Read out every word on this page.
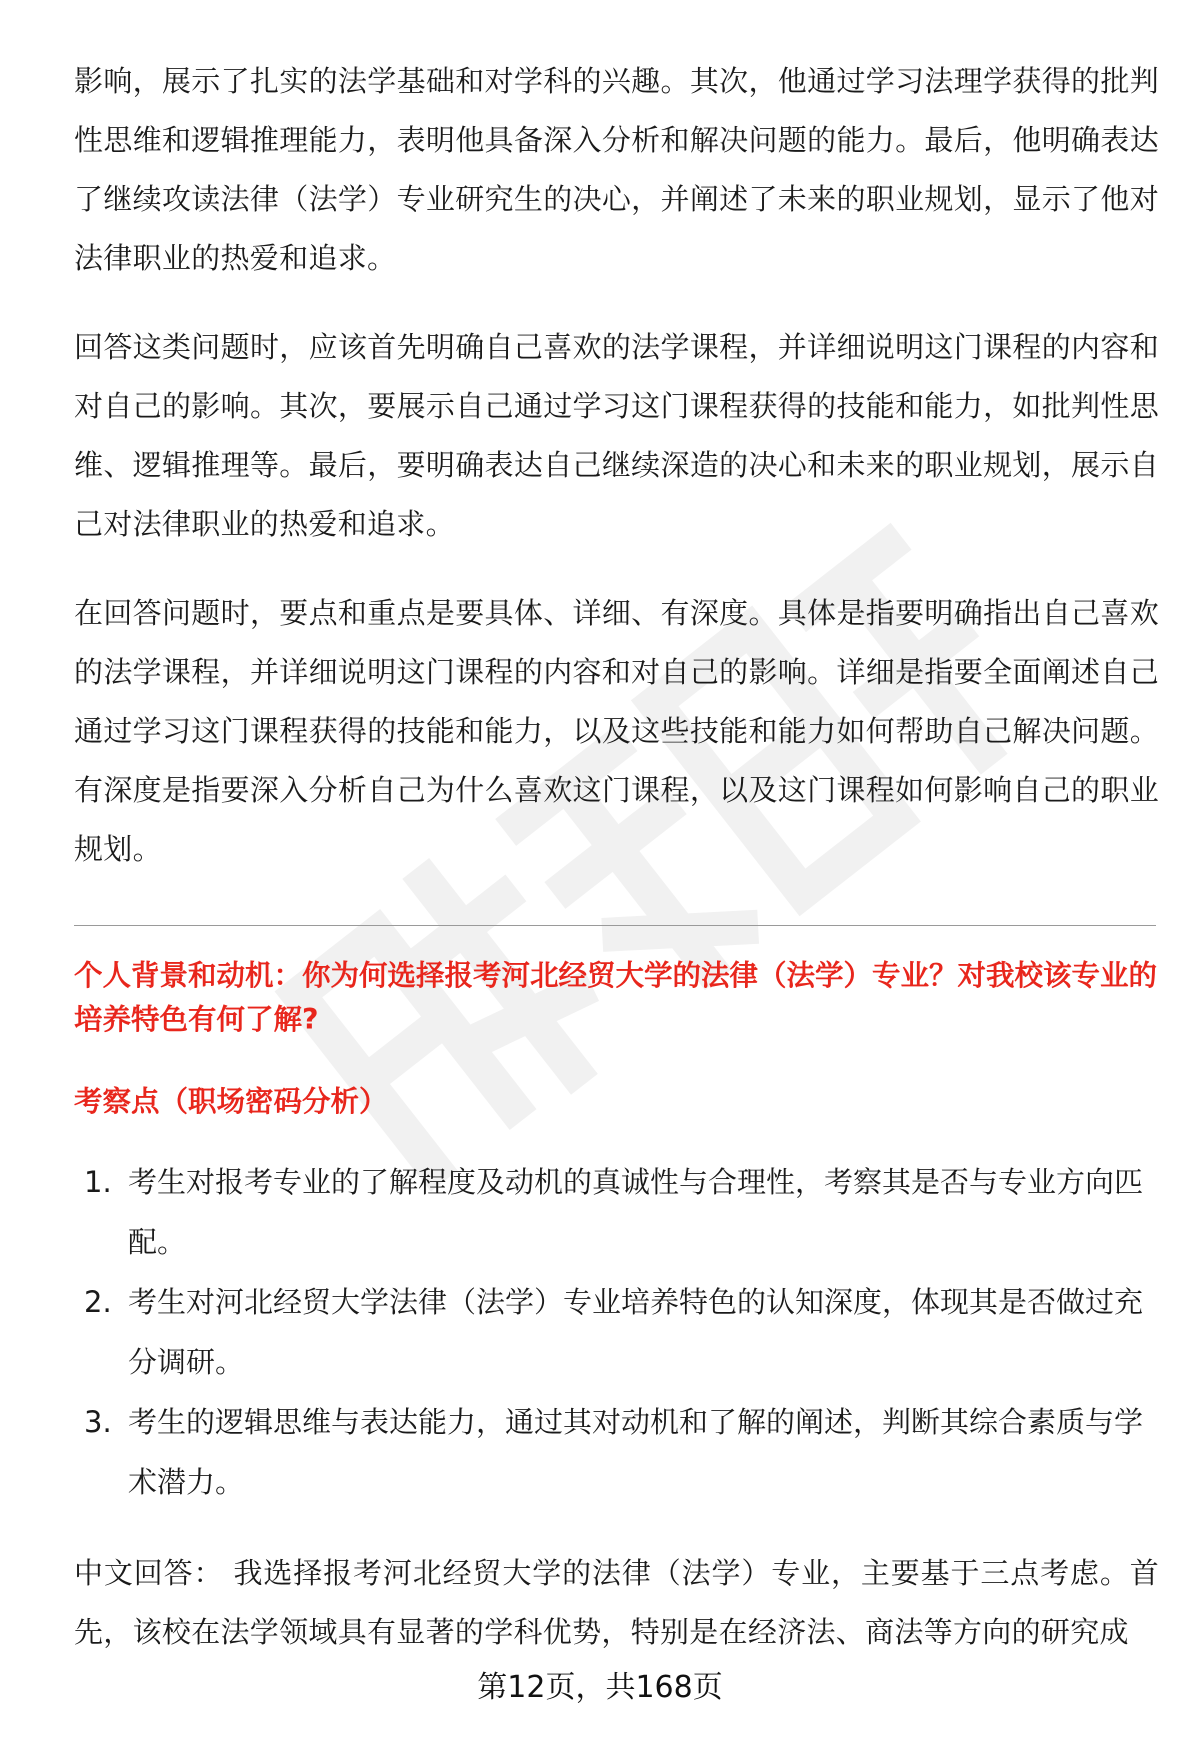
影响，展示了扎实的法学基础和对学科的兴趣。其次，他通过学习法理学获得的批判性思维和逻辑推理能力，表明他具备深入分析和解决问题的能力。最后，他明确表达了继续攻读法律（法学）专业研究生的决心，并阐述了未来的职业规划，显示了他对法律职业的热爱和追求。

回答这类问题时，应该首先明确自己喜欢的法学课程，并详细说明这门课程的内容和对自己的影响。其次，要展示自己通过学习这门课程获得的技能和能力，如批判性思维、逻辑推理等。最后，要明确表达自己继续深造的决心和未来的职业规划，展示自己对法律职业的热爱和追求。

在回答问题时，要点和重点是要具体、详细、有深度。具体是指要明确指出自己喜欢的法学课程，并详细说明这门课程的内容和对自己的影响。详细是指要全面阐述自己通过学习这门课程获得的技能和能力，以及这些技能和能力如何帮助自己解决问题。有深度是指要深入分析自己为什么喜欢这门课程，以及这门课程如何影响自己的职业规划。

个人背景和动机：你为何选择报考河北经贸大学的法律（法学）专业？对我校该专业的培养特色有何了解?

考察点（职场密码分析）

1. 考生对报考专业的了解程度及动机的真诚性与合理性，考察其是否与专业方向匹配。
2. 考生对河北经贸大学法律（法学）专业培养特色的认知深度，体现其是否做过充分调研。
3. 考生的逻辑思维与表达能力，通过其对动机和了解的阐述，判断其综合素质与学术潜力。

中文回答： 我选择报考河北经贸大学的法律（法学）专业，主要基于三点考虑。首先，该校在法学领域具有显著的学科优势，特别是在经济法、商法等方向的研究成

第12页，共168页
